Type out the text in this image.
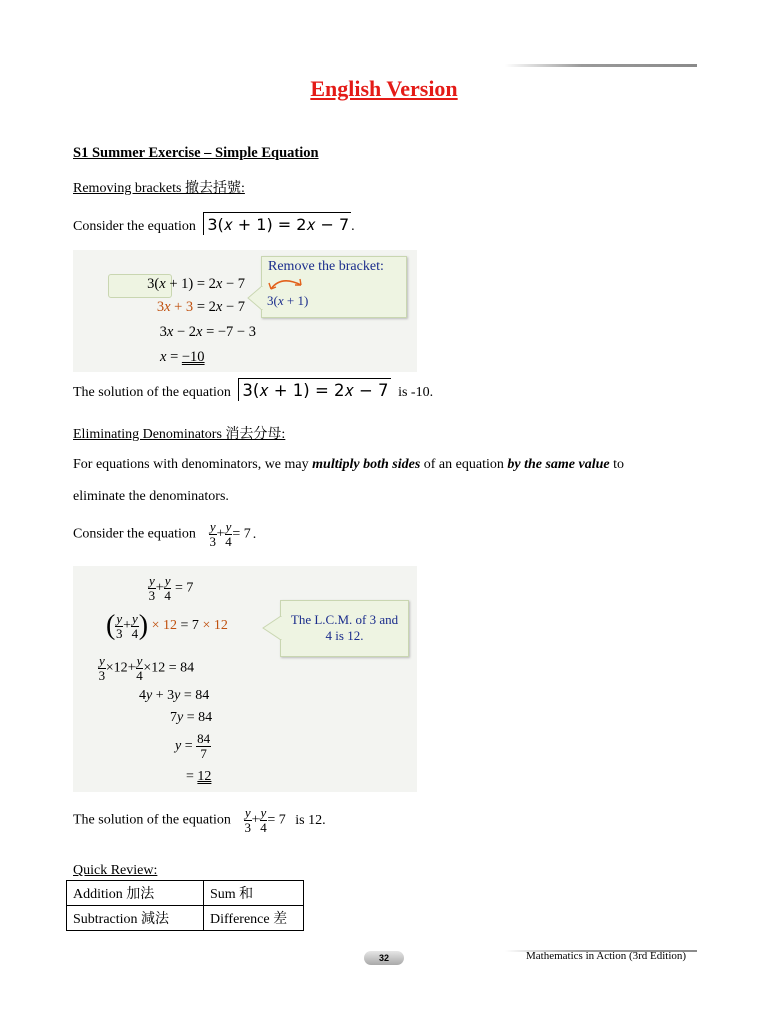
English Version
S1 Summer Exercise – Simple Equation
Removing brackets 撤去括號:
Consider the equation 3(𝑥 + 1) = 2𝑥 − 7 .
3(x + 1) = 2x − 7
3x + 3 = 2x − 7
3x − 2x = −7 − 3
x = −10
Remove the bracket:
3(x + 1)
The solution of the equation 3(𝑥 + 1) = 2𝑥 − 7 is -10.
Eliminating Denominators 消去分母:
For equations with denominators, we may multiply both sides of an equation by the same value to
eliminate the denominators.
Consider the equation $\frac{y}{3} + \frac{y}{4} = 7$ .
$\frac{y}{3} + \frac{y}{4} = 7$
( $\frac{y}{3} + \frac{y}{4}$ ) × 12 = 7 × 12
$\frac{y}{3} \times 12+ \frac{y}{4} \times 12 = 84$
4y + 3y = 84
7y = 84
$y = \frac{84}{7}$
= 12
The L.C.M. of 3 and
4 is 12.
The solution of the equation $\frac{y}{3} + \frac{y}{4} = 7$ is 12.
Quick Review:
Addition 加法	Sum 和
Subtraction 減法	Difference 差
32	Mathematics in Action (3rd Edition)
